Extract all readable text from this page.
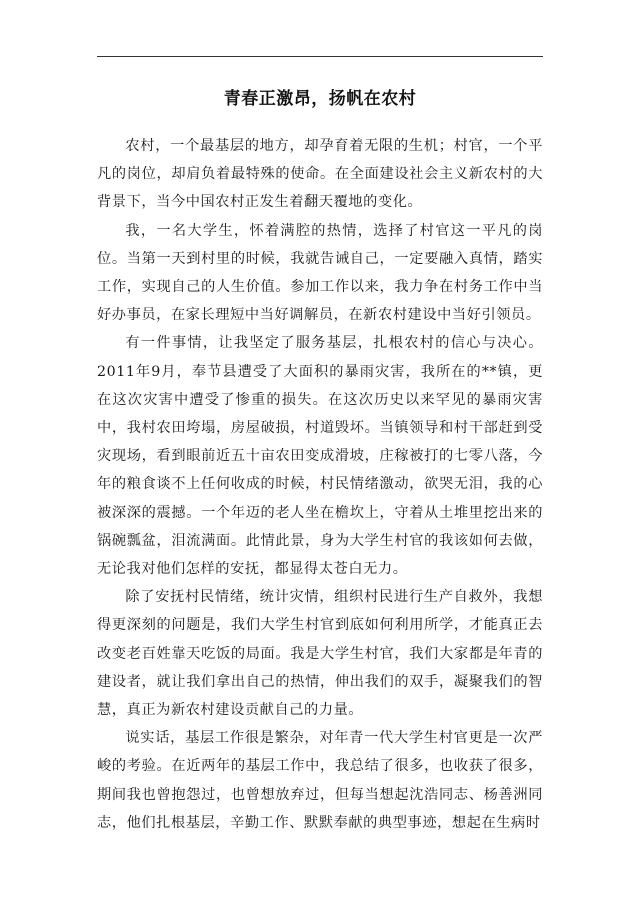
青春正激昂，扬帆在农村

农村，一个最基层的地方，却孕育着无限的生机；村官，一个平凡的岗位，却肩负着最特殊的使命。在全面建设社会主义新农村的大背景下，当今中国农村正发生着翻天覆地的变化。

我，一名大学生，怀着满腔的热情，选择了村官这一平凡的岗位。当第一天到村里的时候，我就告诫自己，一定要融入真情，踏实工作，实现自己的人生价值。参加工作以来，我力争在村务工作中当好办事员，在家长理短中当好调解员，在新农村建设中当好引领员。

有一件事情，让我坚定了服务基层，扎根农村的信心与决心。2011年9月，奉节县遭受了大面积的暴雨灾害，我所在的**镇，更在这次灾害中遭受了惨重的损失。在这次历史以来罕见的暴雨灾害中，我村农田垮塌，房屋破损，村道毁坏。当镇领导和村干部赶到受灾现场，看到眼前近五十亩农田变成滑坡，庄稼被打的七零八落，今年的粮食谈不上任何收成的时候，村民情绪激动，欲哭无泪，我的心被深深的震撼。一个年迈的老人坐在檐坎上，守着从土堆里挖出来的锅碗瓢盆，泪流满面。此情此景，身为大学生村官的我该如何去做，无论我对他们怎样的安抚，都显得太苍白无力。

除了安抚村民情绪，统计灾情，组织村民进行生产自救外，我想得更深刻的问题是，我们大学生村官到底如何利用所学，才能真正去改变老百姓靠天吃饭的局面。我是大学生村官，我们大家都是年青的建设者，就让我们拿出自己的热情，伸出我们的双手，凝聚我们的智慧，真正为新农村建设贡献自己的力量。

说实话，基层工作很是繁杂，对年青一代大学生村官更是一次严峻的考验。在近两年的基层工作中，我总结了很多，也收获了很多，期间我也曾抱怨过，也曾想放弃过，但每当想起沈浩同志、杨善洲同志，他们扎根基层，辛勤工作、默默奉献的典型事迹，想起在生病时
